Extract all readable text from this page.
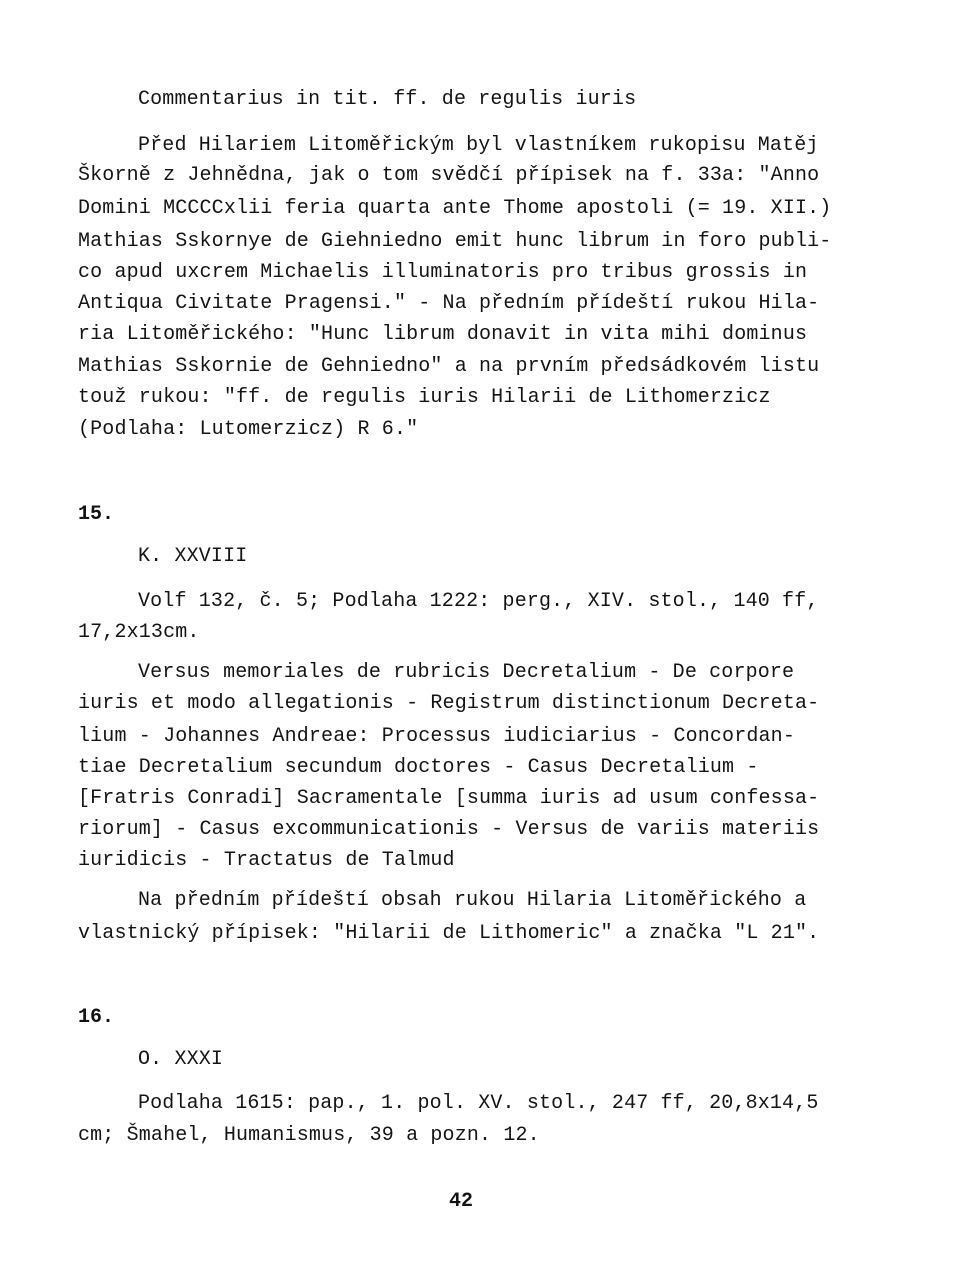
Commentarius in tit. ff. de regulis iuris
Před Hilariem Litoměřickým byl vlastníkem rukopisu Matěj
Škorně z Jehnědna, jak o tom svědčí přípisek na f. 33a: "Anno
Domini MCCCCxlii feria quarta ante Thome apostoli (= 19. XII.)
Mathias Sskornye de Giehniedno emit hunc librum in foro publi-
co apud uxcrem Michaelis illuminatoris pro tribus grossis in
Antiqua Civitate Pragensi." - Na předním přídeští rukou Hila-
ria Litoměřického: "Hunc librum donavit in vita mihi dominus
Mathias Sskornie de Gehniedno" a na prvním předsádkovém listu
touž rukou: "ff. de regulis iuris Hilarii de Lithomerzicz
(Podlaha: Lutomerzicz) R 6."
15.
K. XXVIII
Volf 132, č. 5; Podlaha 1222: perg., XIV. stol., 140 ff,
17,2x13cm.
Versus memoriales de rubricis Decretalium - De corpore
iuris et modo allegationis - Registrum distinctionum Decreta-
lium - Johannes Andreae: Processus iudiciarius - Concordan-
tiae Decretalium secundum doctores - Casus Decretalium -
[Fratris Conradi] Sacramentale [summa iuris ad usum confessa-
riorum] - Casus excommunicationis - Versus de variis materiis
iuridicis - Tractatus de Talmud
Na předním přídeští obsah rukou Hilaria Litoměřického a
vlastnický přípisek: "Hilarii de Lithomeric" a značka "L 21".
16.
O. XXXI
Podlaha 1615: pap., 1. pol. XV. stol., 247 ff, 20,8x14,5
cm; Šmahel, Humanismus, 39 a pozn. 12.
42
